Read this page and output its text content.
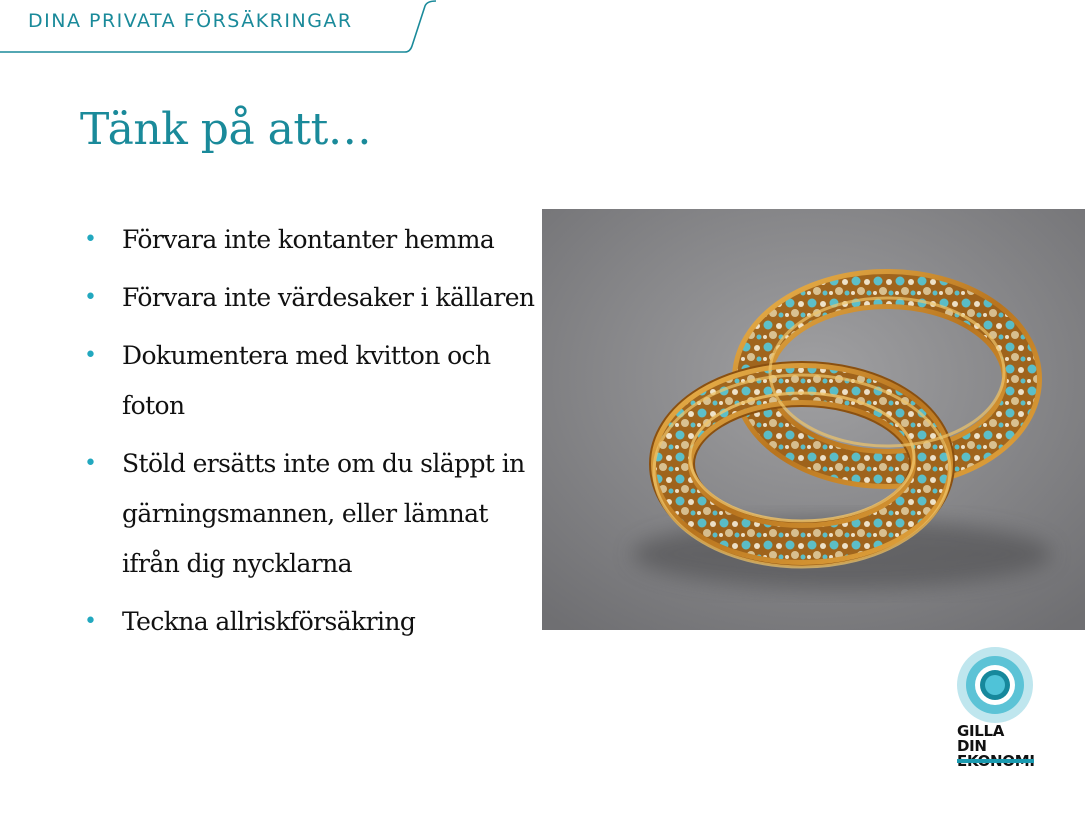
DINA PRIVATA FÖRSÄKRINGAR
Tänk på att…
• Förvara inte kontanter hemma
• Förvara inte värdesaker i källaren
• Dokumentera med kvitton och foton
• Stöld ersätts inte om du släppt in gärningsmannen, eller lämnat ifrån dig nycklarna
• Teckna allriskförsäkring
GILLA DIN
